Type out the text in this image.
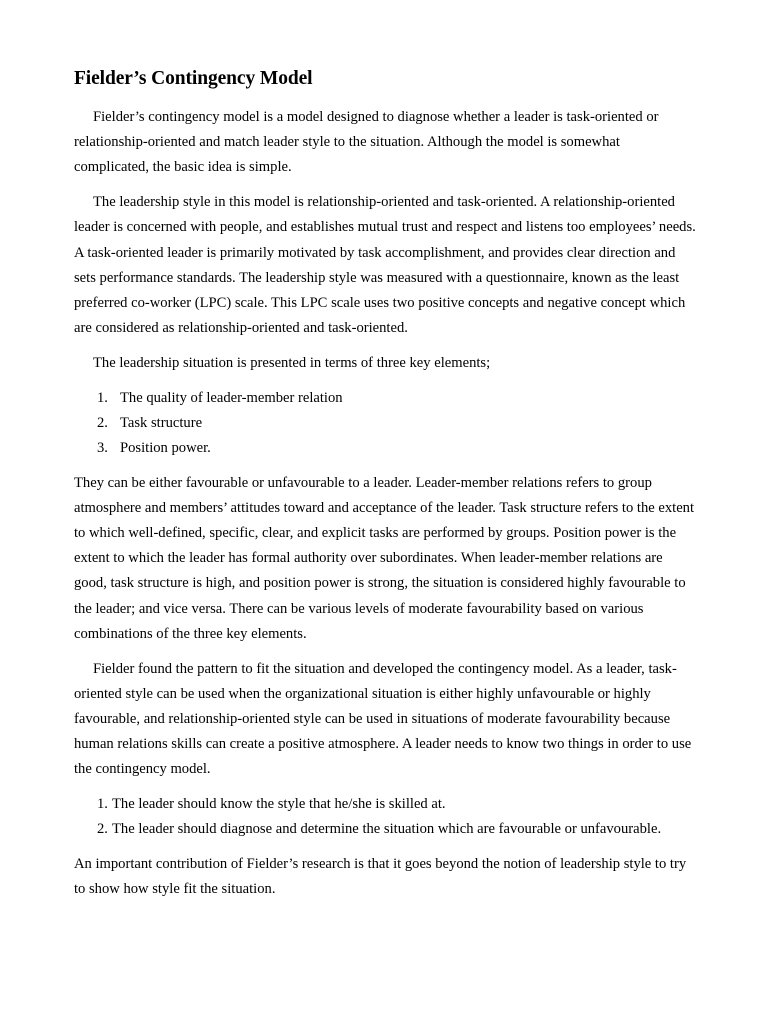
Fielder’s Contingency Model

Fielder’s contingency model is a model designed to diagnose whether a leader is task-oriented or relationship-oriented and match leader style to the situation. Although the model is somewhat complicated, the basic idea is simple.

The leadership style in this model is relationship-oriented and task-oriented. A relationship-oriented leader is concerned with people, and establishes mutual trust and respect and listens too employees’ needs. A task-oriented leader is primarily motivated by task accomplishment, and provides clear direction and sets performance standards. The leadership style was measured with a questionnaire, known as the least preferred co-worker (LPC) scale. This LPC scale uses two positive concepts and negative concept which are considered as relationship-oriented and task-oriented.

The leadership situation is presented in terms of three key elements;

1. The quality of leader-member relation
2. Task structure
3. Position power.

They can be either favourable or unfavourable to a leader. Leader-member relations refers to group atmosphere and members’ attitudes toward and acceptance of the leader. Task structure refers to the extent to which well-defined, specific, clear, and explicit tasks are performed by groups. Position power is the extent to which the leader has formal authority over subordinates. When leader-member relations are good, task structure is high, and position power is strong, the situation is considered highly favourable to the leader; and vice versa. There can be various levels of moderate favourability based on various combinations of the three key elements.

Fielder found the pattern to fit the situation and developed the contingency model. As a leader, task-oriented style can be used when the organizational situation is either highly unfavourable or highly favourable, and relationship-oriented style can be used in situations of moderate favourability because human relations skills can create a positive atmosphere. A leader needs to know two things in order to use the contingency model.

1. The leader should know the style that he/she is skilled at.
2. The leader should diagnose and determine the situation which are favourable or unfavourable.

An important contribution of Fielder’s research is that it goes beyond the notion of leadership style to try to show how style fit the situation.
